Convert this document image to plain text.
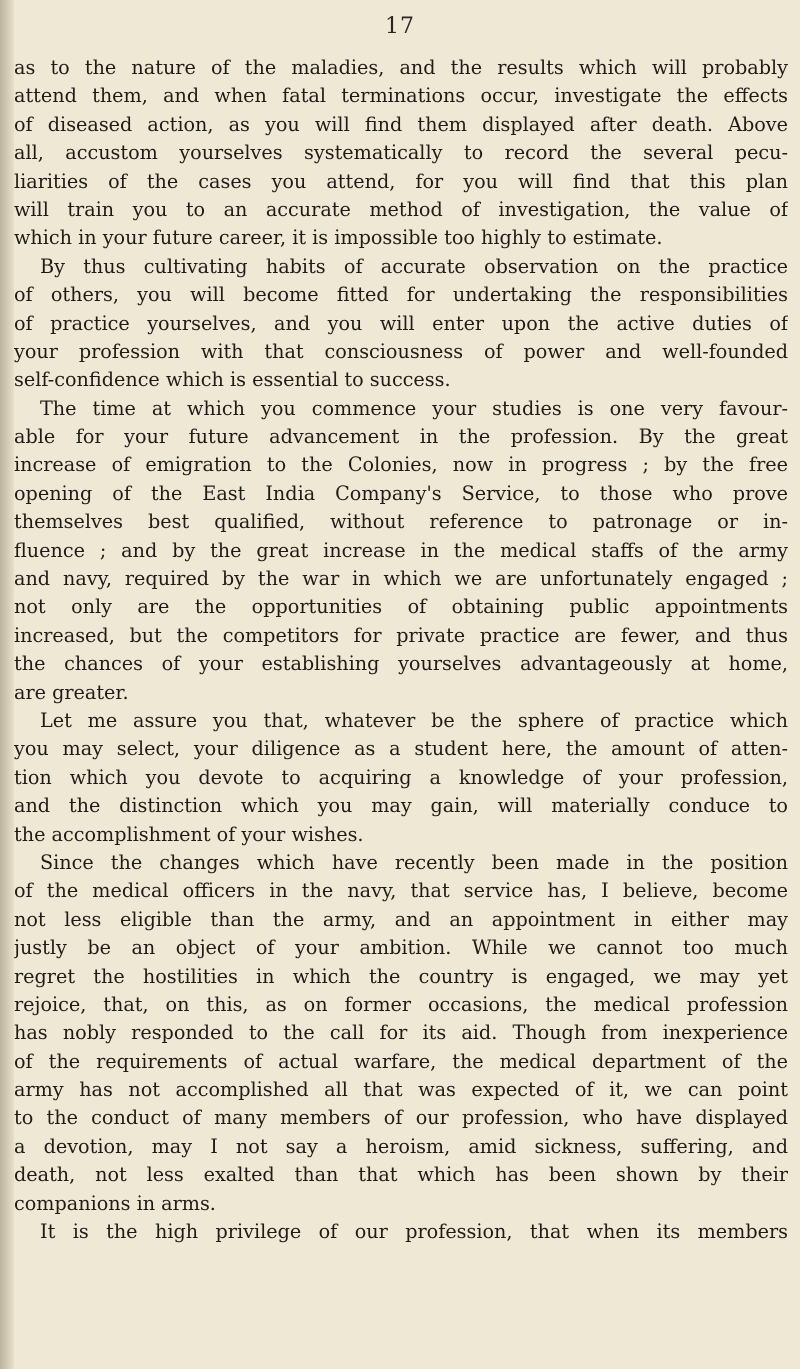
17
as to the nature of the maladies, and the results which will probably
attend them, and when fatal terminations occur, investigate the effects
of diseased action, as you will find them displayed after death. Above
all, accustom yourselves systematically to record the several pecu-
liarities of the cases you attend, for you will find that this plan
will train you to an accurate method of investigation, the value of
which in your future career, it is impossible too highly to estimate.
By thus cultivating habits of accurate observation on the practice
of others, you will become fitted for undertaking the responsibilities
of practice yourselves, and you will enter upon the active duties of
your profession with that consciousness of power and well-founded
self-confidence which is essential to success.
The time at which you commence your studies is one very favour-
able for your future advancement in the profession. By the great
increase of emigration to the Colonies, now in progress ; by the free
opening of the East India Company's Service, to those who prove
themselves best qualified, without reference to patronage or in-
fluence ; and by the great increase in the medical staffs of the army
and navy, required by the war in which we are unfortunately engaged ;
not only are the opportunities of obtaining public appointments
increased, but the competitors for private practice are fewer, and thus
the chances of your establishing yourselves advantageously at home,
are greater.
Let me assure you that, whatever be the sphere of practice which
you may select, your diligence as a student here, the amount of atten-
tion which you devote to acquiring a knowledge of your profession,
and the distinction which you may gain, will materially conduce to
the accomplishment of your wishes.
Since the changes which have recently been made in the position
of the medical officers in the navy, that service has, I believe, become
not less eligible than the army, and an appointment in either may
justly be an object of your ambition. While we cannot too much
regret the hostilities in which the country is engaged, we may yet
rejoice, that, on this, as on former occasions, the medical profession
has nobly responded to the call for its aid. Though from inexperience
of the requirements of actual warfare, the medical department of the
army has not accomplished all that was expected of it, we can point
to the conduct of many members of our profession, who have displayed
a devotion, may I not say a heroism, amid sickness, suffering, and
death, not less exalted than that which has been shown by their
companions in arms.
It is the high privilege of our profession, that when its members
